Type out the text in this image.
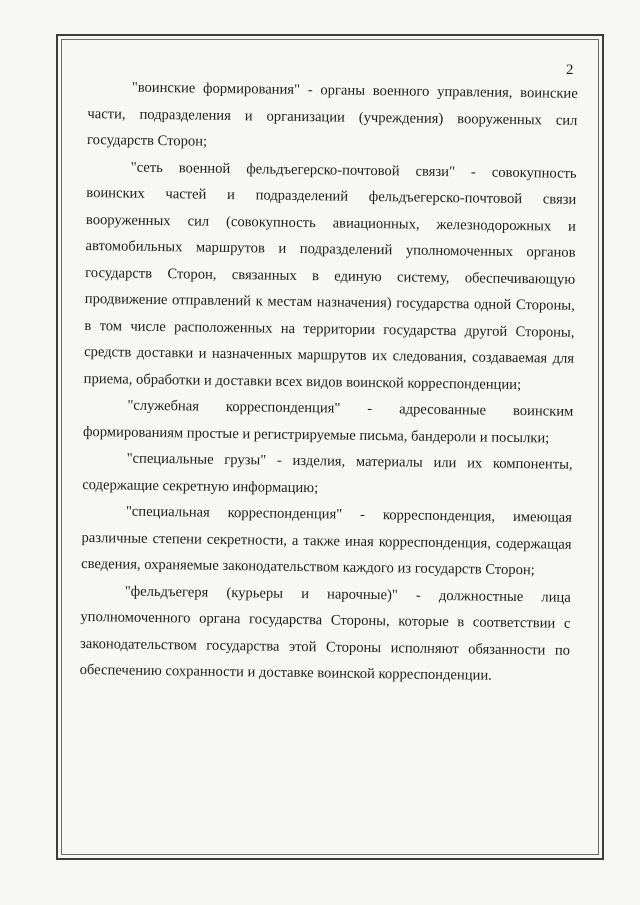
2

"воинские формирования" - органы военного управления, воинские части, подразделения и организации (учреждения) вооруженных сил государств Сторон;

"сеть военной фельдъегерско-почтовой связи" - совокупность воинских частей и подразделений фельдъегерско-почтовой связи вооруженных сил (совокупность авиационных, железнодорожных и автомобильных маршрутов и подразделений уполномоченных органов государств Сторон, связанных в единую систему, обеспечивающую продвижение отправлений к местам назначения) государства одной Стороны, в том числе расположенных на территории государства другой Стороны, средств доставки и назначенных маршрутов их следования, создаваемая для приема, обработки и доставки всех видов воинской корреспонденции;

"служебная корреспонденция" - адресованные воинским формированиям простые и регистрируемые письма, бандероли и посылки;

"специальные грузы" - изделия, материалы или их компоненты, содержащие секретную информацию;

"специальная корреспонденция" - корреспонденция, имеющая различные степени секретности, а также иная корреспонденция, содержащая сведения, охраняемые законодательством каждого из государств Сторон;

"фельдъегеря (курьеры и нарочные)" - должностные лица уполномоченного органа государства Стороны, которые в соответствии с законодательством государства этой Стороны исполняют обязанности по обеспечению сохранности и доставке воинской корреспонденции.
